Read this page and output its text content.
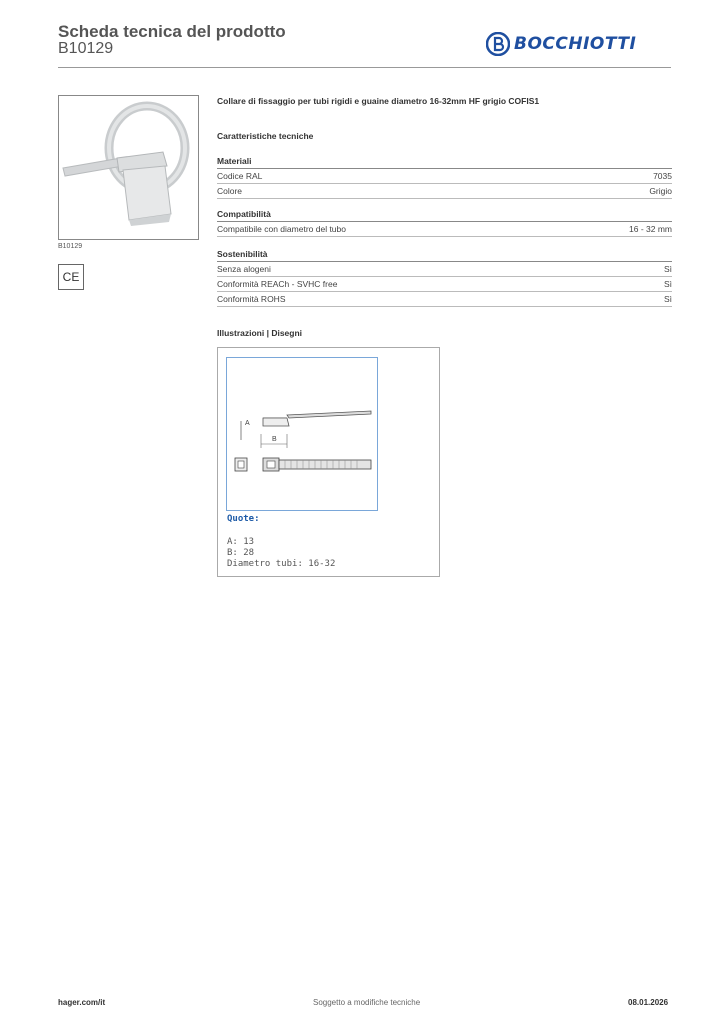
Scheda tecnica del prodotto
B10129	BOCCHIOTTI
B10129
CE
Collare di fissaggio per tubi rigidi e guaine diametro 16-32mm HF grigio COFIS1
Caratteristiche tecniche
Materiali
Codice RAL	7035
Colore	Grigio
Compatibilità
Compatibile con diametro del tubo	16 - 32 mm
Sostenibilità
Senza alogeni	Sì
Conformità REACh - SVHC free	Sì
Conformità ROHS	Sì
Illustrazioni | Disegni
A
B
Quote:
A: 13
B: 28
Diametro tubi: 16-32
hager.com/it	Soggetto a modifiche tecniche	08.01.2026
